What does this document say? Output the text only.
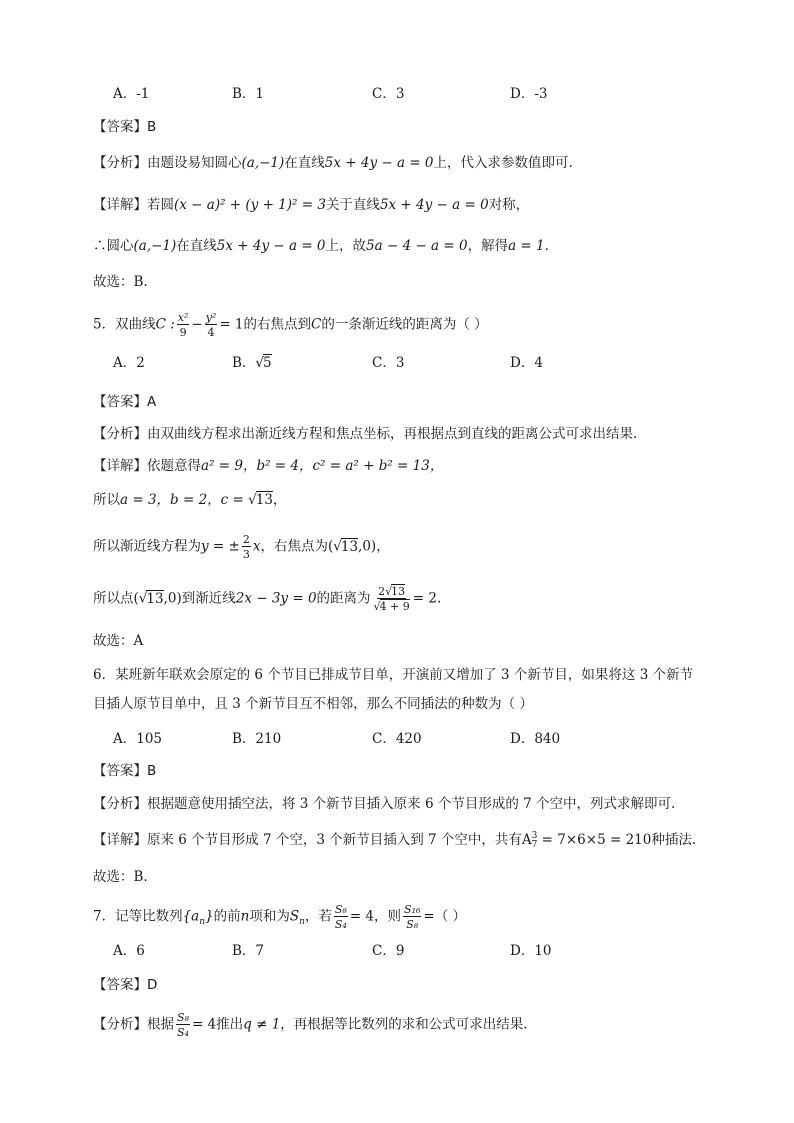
A．-1	B．1	C．3	D．-3
【答案】B
【分析】由题设易知圆心(a,−1)在直线5x + 4y − a = 0上，代入求参数值即可.
【详解】若圆(x − a)² + (y + 1)² = 3关于直线5x + 4y − a = 0对称，
∴圆心(a,−1)在直线5x + 4y − a = 0上，故5a − 4 − a = 0，解得a = 1.
故选：B.
5．双曲线C : $\frac{\text{x²}}{9} - \frac{\text{y²}}{4} = 1$的右焦点到C的一条渐近线的距离为（ ）
A．2	B．√5	C．3	D．4
【答案】A
【分析】由双曲线方程求出渐近线方程和焦点坐标，再根据点到直线的距离公式可求出结果.
【详解】依题意得a² = 9，b² = 4，c² = a² + b² = 13，
所以a = 3，b = 2，c = √13，
所以渐近线方程为y = ± $\frac{2}{3}$ x，右焦点为(√13,0)，
所以点(√13,0)到渐近线2x − 3y = 0的距离为 $\frac{2√13}{√4 + 9} = 2$.
故选：A
6．某班新年联欢会原定的 6 个节目已排成节目单，开演前又增加了 3 个新节目，如果将这 3 个新节
目插人原节目单中，且 3 个新节目互不相邻，那么不同插法的种数为（ ）
A．105	B．210	C．420	D．840
【答案】B
【分析】根据题意使用插空法，将 3 个新节目插入原来 6 个节目形成的 7 个空中，列式求解即可.
【详解】原来 6 个节目形成 7 个空，3 个新节目插入到 7 个空中，共有A 3
7 = 7×6×5 = 210种插法.
故选：B.
7．记等比数列$\{a_n\}$的前n项和为$S_n$，若 $\frac{\text{S₈}}{\text{S₄}} = 4$，则 $\frac{\text{S₁₆}}{\text{S₈}}$ =（ ）
A．6	B．7	C．9	D．10
【答案】D
【分析】根据 $\frac{\text{S₈}}{\text{S₄}} = 4$推出q ≠ 1，再根据等比数列的求和公式可求出结果.
